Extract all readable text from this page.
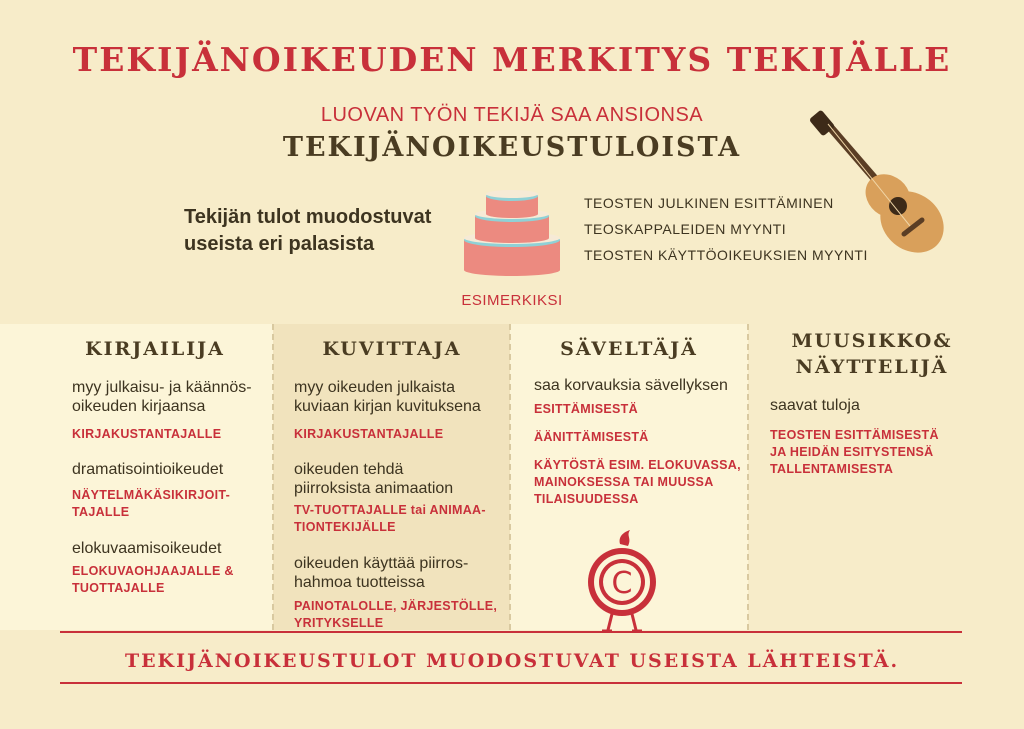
TEKIJÄNOIKEUDEN MERKITYS TEKIJÄLLE
LUOVAN TYÖN TEKIJÄ SAA ANSIONSA
TEKIJÄNOIKEUSTULOISTA
Tekijän tulot muodostuvat
useista eri palasista
TEOSTEN JULKINEN ESITTÄMINEN
TEOSKAPPALEIDEN MYYNTI
TEOSTEN KÄYTTÖOIKEUKSIEN MYYNTI
ESIMERKIKSI
KIRJAILIJA
myy julkaisu- ja käännös-
oikeuden kirjaansa
KIRJAKUSTANTAJALLE
dramatisointioikeudet
NÄYTELMÄKÄSIKIRJOIT-
TAJALLE
elokuvaamisoikeudet
ELOKUVAOHJAAJALLE &
TUOTTAJALLE
KUVITTAJA
myy oikeuden julkaista
kuviaan kirjan kuvituksena
KIRJAKUSTANTAJALLE
oikeuden tehdä
piirroksista animaation
TV-TUOTTAJALLE tai ANIMAA-
TIONTEKIJÄLLE
oikeuden käyttää piirros-
hahmoa tuotteissa
PAINOTALOLLE, JÄRJESTÖLLE,
YRITYKSELLE
SÄVELTÄJÄ
saa korvauksia sävellyksen
ESITTÄMISESTÄ
ÄÄNITTÄMISESTÄ
KÄYTÖSTÄ ESIM. ELOKUVASSA,
MAINOKSESSA TAI MUUSSA
TILAISUUDESSA
C
MUUSIKKO&
NÄYTTELIJÄ
saavat tuloja
TEOSTEN ESITTÄMISESTÄ
JA HEIDÄN ESITYSTENSÄ
TALLENTAMISESTA
TEKIJÄNOIKEUSTULOT MUODOSTUVAT USEISTA LÄHTEISTÄ.
